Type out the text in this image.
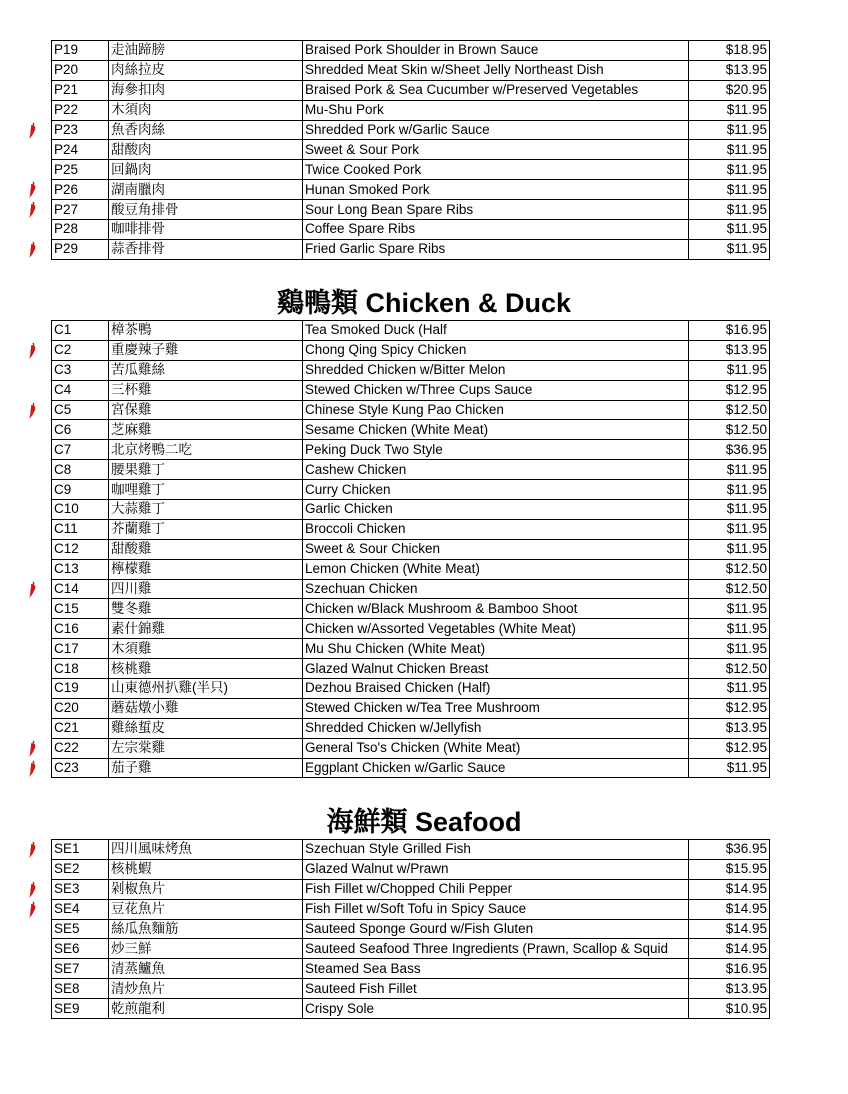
P19	走油蹄膀	Braised Pork Shoulder in Brown Sauce	$18.95
P20	肉絲拉皮	Shredded Meat Skin w/Sheet Jelly Northeast Dish	$13.95
P21	海參扣肉	Braised Pork & Sea Cucumber w/Preserved Vegetables	$20.95
P22	木須肉	Mu-Shu Pork	$11.95

P23	魚香肉絲	Shredded Pork w/Garlic Sauce	$11.95
P24	甜酸肉	Sweet & Sour Pork	$11.95
P25	回鍋肉	Twice Cooked Pork	$11.95

P26	湖南臘肉	Hunan Smoked Pork	$11.95

P27	酸豆角排骨	Sour Long Bean Spare Ribs	$11.95
P28	咖啡排骨	Coffee Spare Ribs	$11.95

P29	蒜香排骨	Fried Garlic Spare Ribs	$11.95
鷄鴨類 Chicken & Duck
C1	樟茶鴨	Tea Smoked Duck (Half	$16.95

C2	重慶辣子雞	Chong Qing Spicy Chicken	$13.95
C3	苦瓜雞絲	Shredded Chicken w/Bitter Melon	$11.95
C4	三杯雞	Stewed Chicken w/Three Cups Sauce	$12.95

C5	宮保雞	Chinese Style Kung Pao Chicken	$12.50
C6	芝麻雞	Sesame Chicken (White Meat)	$12.50
C7	北京烤鴨二吃	Peking Duck Two Style	$36.95
C8	腰果雞丁	Cashew Chicken	$11.95
C9	咖哩雞丁	Curry Chicken	$11.95
C10	大蒜雞丁	Garlic Chicken	$11.95
C11	芥蘭雞丁	Broccoli Chicken	$11.95
C12	甜酸雞	Sweet & Sour Chicken	$11.95
C13	檸檬雞	Lemon Chicken (White Meat)	$12.50

C14	四川雞	Szechuan Chicken	$12.50
C15	雙冬雞	Chicken w/Black Mushroom & Bamboo Shoot	$11.95
C16	素什錦雞	Chicken w/Assorted Vegetables (White Meat)	$11.95
C17	木須雞	Mu Shu Chicken (White Meat)	$11.95
C18	核桃雞	Glazed Walnut Chicken Breast	$12.50
C19	山東德州扒雞(半只)	Dezhou Braised Chicken (Half)	$11.95
C20	蘑菇燉小雞	Stewed Chicken w/Tea Tree Mushroom	$12.95
C21	雞絲蜇皮	Shredded Chicken w/Jellyfish	$13.95

C22	左宗棠雞	General Tso's Chicken (White Meat)	$12.95

C23	茄子雞	Eggplant Chicken w/Garlic Sauce	$11.95
海鮮類 Seafood
SE1	四川風味烤魚	Szechuan Style Grilled Fish	$36.95
SE2	核桃蝦	Glazed Walnut w/Prawn	$15.95

SE3	剁椒魚片	Fish Fillet w/Chopped Chili Pepper	$14.95

SE4	豆花魚片	Fish Fillet w/Soft Tofu in Spicy Sauce	$14.95
SE5	絲瓜魚麵筋	Sauteed Sponge Gourd w/Fish Gluten	$14.95
SE6	炒三鮮	Sauteed Seafood Three Ingredients (Prawn, Scallop & Squid	$14.95
SE7	清蒸鱸魚	Steamed Sea Bass	$16.95
SE8	清炒魚片	Sauteed Fish Fillet	$13.95
SE9	乾煎龍利	Crispy Sole	$10.95
